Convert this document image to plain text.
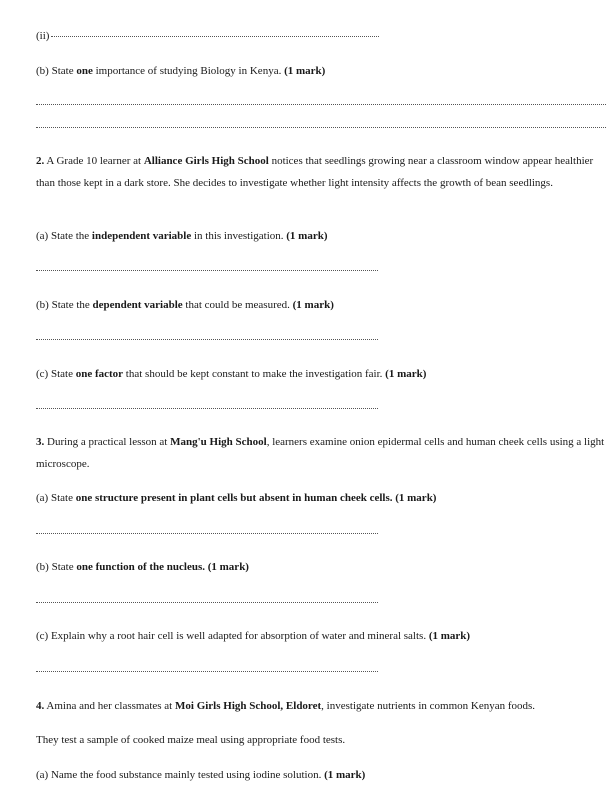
(ii)
(b) State one importance of studying Biology in Kenya. (1 mark)
2. A Grade 10 learner at Alliance Girls High School notices that seedlings growing near a classroom window appear healthier than those kept in a dark store. She decides to investigate whether light intensity affects the growth of bean seedlings.
(a) State the independent variable in this investigation. (1 mark)
(b) State the dependent variable that could be measured. (1 mark)
(c) State one factor that should be kept constant to make the investigation fair. (1 mark)
3. During a practical lesson at Mang'u High School, learners examine onion epidermal cells and human cheek cells using a light microscope.
(a) State one structure present in plant cells but absent in human cheek cells. (1 mark)
(b) State one function of the nucleus. (1 mark)
(c) Explain why a root hair cell is well adapted for absorption of water and mineral salts. (1 mark)
4. Amina and her classmates at Moi Girls High School, Eldoret, investigate nutrients in common Kenyan foods.
They test a sample of cooked maize meal using appropriate food tests.
(a) Name the food substance mainly tested using iodine solution. (1 mark)
